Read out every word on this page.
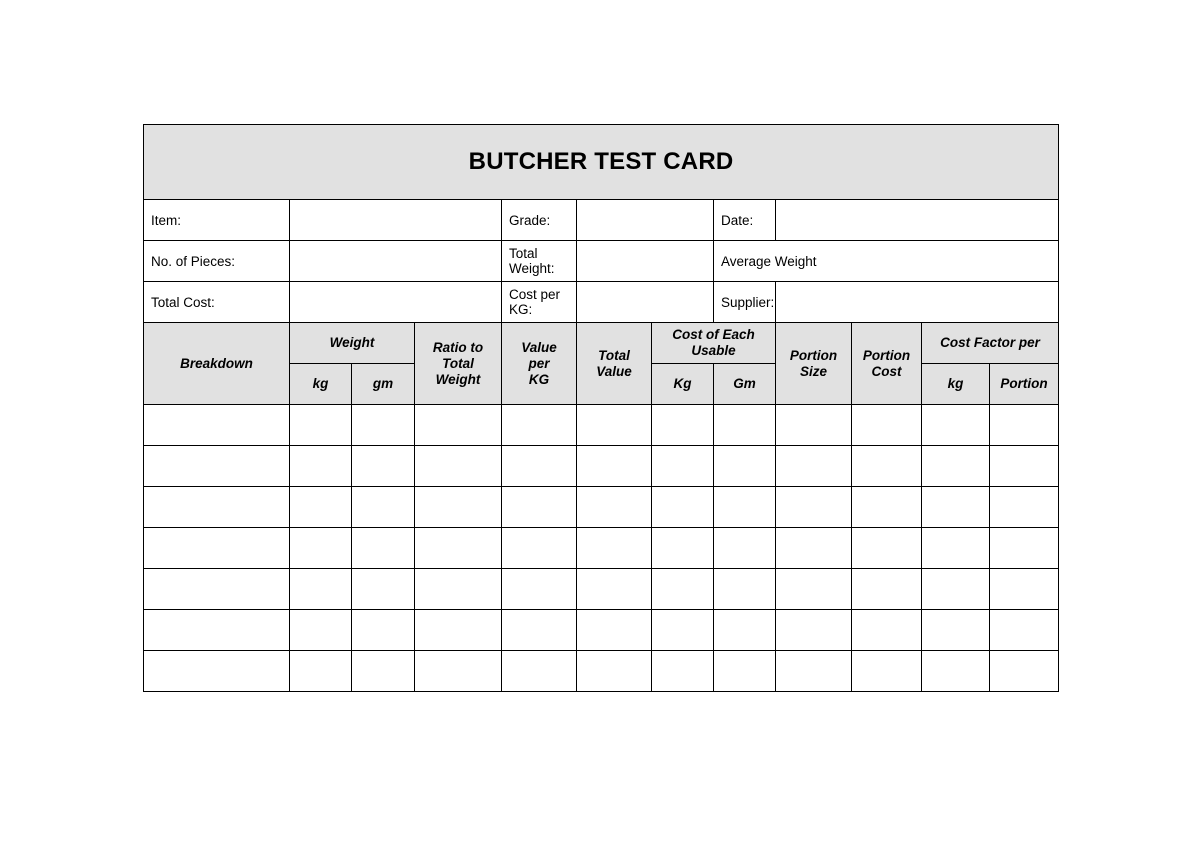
BUTCHER TEST CARD											
Item:				Grade:			Date:	
No. of Pieces:				Total Weight:			Average Weight				
Total Cost:				Cost per KG:			Supplier:	
Breakdown	Weight		Ratio to Total Weight	Value per KG	Total Value	Cost of Each Usable		Portion Size	Portion Cost	Cost Factor per	
	kg	gm				Kg	Gm			kg	Portion
